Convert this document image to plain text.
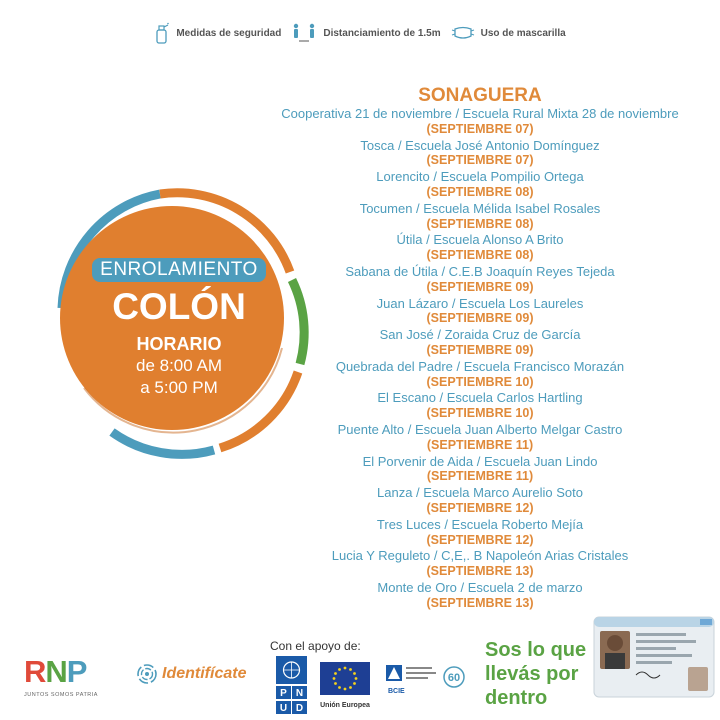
Medidas de seguridad	Distanciamiento de 1.5m	Uso de mascarilla
ENROLAMIENTO
COLÓN
HORARIO
de 8:00 AM
a 5:00 PM
SONAGUERA
Cooperativa 21 de noviembre / Escuela Rural Mixta 28 de noviembre
(SEPTIEMBRE 07)
Tosca / Escuela José Antonio Domínguez
(SEPTIEMBRE 07)
Lorencito / Escuela Pompilio Ortega
(SEPTIEMBRE 08)
Tocumen / Escuela Mélida Isabel Rosales
(SEPTIEMBRE 08)
Útila / Escuela Alonso A Brito
(SEPTIEMBRE 08)
Sabana de Útila / C.E.B Joaquín Reyes Tejeda
(SEPTIEMBRE 09)
Juan Lázaro / Escuela Los Laureles
(SEPTIEMBRE 09)
San José / Zoraida Cruz de García
(SEPTIEMBRE 09)
Quebrada del Padre / Escuela Francisco Morazán
(SEPTIEMBRE 10)
El Escano / Escuela Carlos Hartling
(SEPTIEMBRE 10)
Puente Alto / Escuela Juan Alberto Melgar Castro
(SEPTIEMBRE 11)
El Porvenir de Aida / Escuela Juan Lindo
(SEPTIEMBRE 11)
Lanza / Escuela Marco Aurelio Soto
(SEPTIEMBRE 12)
Tres Luces / Escuela Roberto Mejía
(SEPTIEMBRE 12)
Lucia Y Reguleto / C,E,. B Napoleón Arias Cristales
(SEPTIEMBRE 13)
Monte de Oro / Escuela 2 de marzo
(SEPTIEMBRE 13)
RNP
JUNTOS SOMOS PATRIA
Identifícate
Con el apoyo de:
P N
U D Unión Europea
60
BCIE
Sos lo que
llevás por
dentro
